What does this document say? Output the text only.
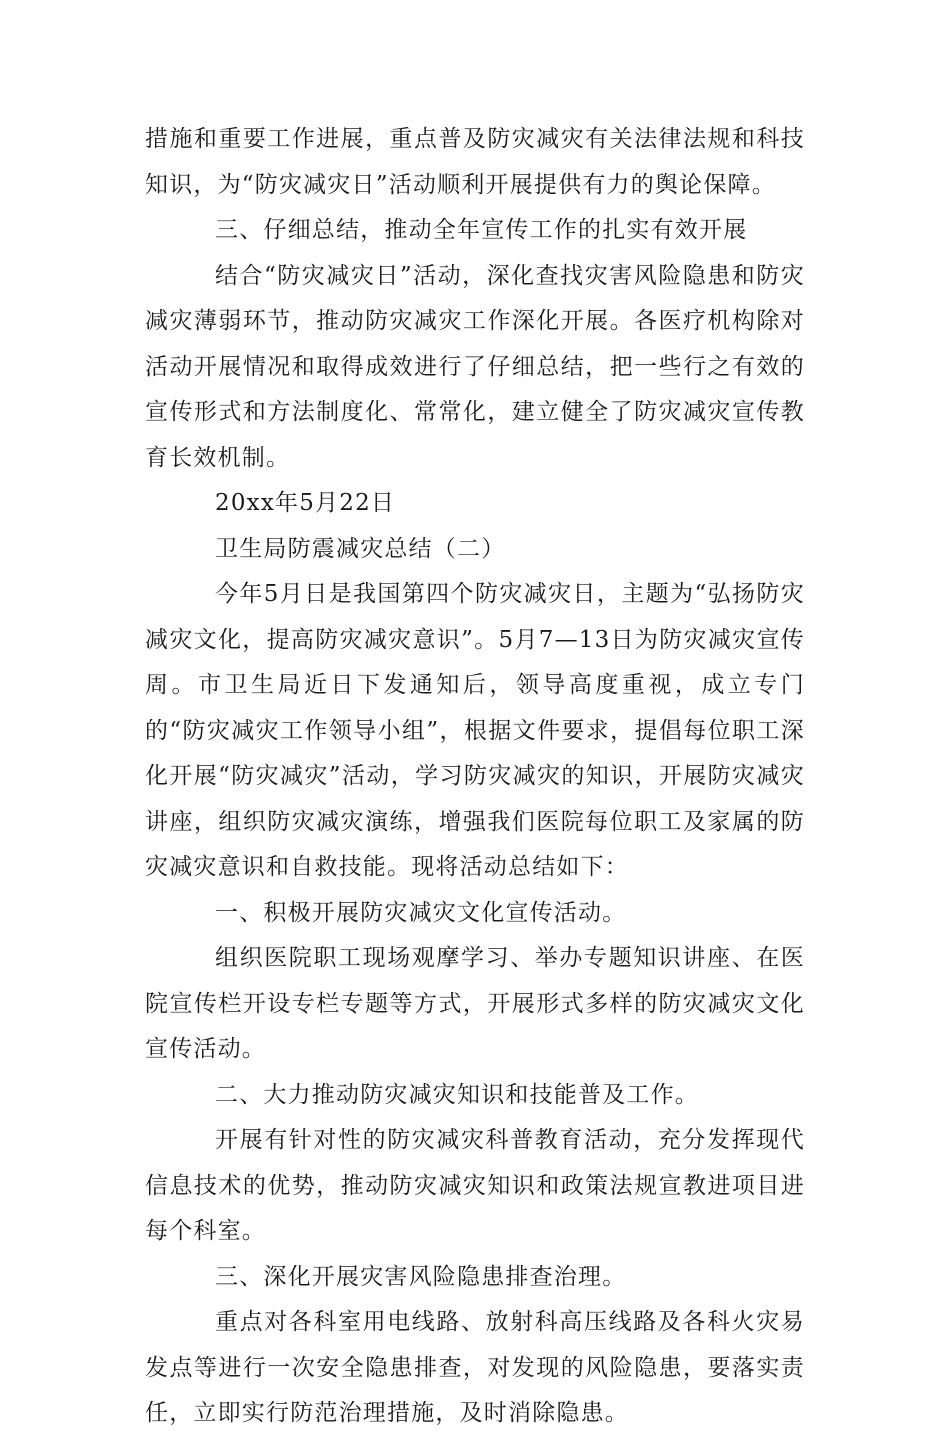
措施和重要工作进展，重点普及防灾减灾有关法律法规和科技知识，为“防灾减灾日”活动顺利开展提供有力的舆论保障。

三、仔细总结，推动全年宣传工作的扎实有效开展

结合“防灾减灾日”活动，深化查找灾害风险隐患和防灾减灾薄弱环节，推动防灾减灾工作深化开展。各医疗机构除对活动开展情况和取得成效进行了仔细总结，把一些行之有效的宣传形式和方法制度化、常常化，建立健全了防灾减灾宣传教育长效机制。

20xx年5月22日

卫生局防震减灾总结（二）

今年5月日是我国第四个防灾减灾日，主题为“弘扬防灾减灾文化，提高防灾减灾意识”。5月7—13日为防灾减灾宣传周。市卫生局近日下发通知后，领导高度重视，成立专门的“防灾减灾工作领导小组”，根据文件要求，提倡每位职工深化开展“防灾减灾”活动，学习防灾减灾的知识，开展防灾减灾讲座，组织防灾减灾演练，增强我们医院每位职工及家属的防灾减灾意识和自救技能。现将活动总结如下：

一、积极开展防灾减灾文化宣传活动。

组织医院职工现场观摩学习、举办专题知识讲座、在医院宣传栏开设专栏专题等方式，开展形式多样的防灾减灾文化宣传活动。

二、大力推动防灾减灾知识和技能普及工作。

开展有针对性的防灾减灾科普教育活动，充分发挥现代信息技术的优势，推动防灾减灾知识和政策法规宣教进项目进每个科室。

三、深化开展灾害风险隐患排查治理。

重点对各科室用电线路、放射科高压线路及各科火灾易发点等进行一次安全隐患排查，对发现的风险隐患，要落实责任，立即实行防范治理措施，及时消除隐患。
